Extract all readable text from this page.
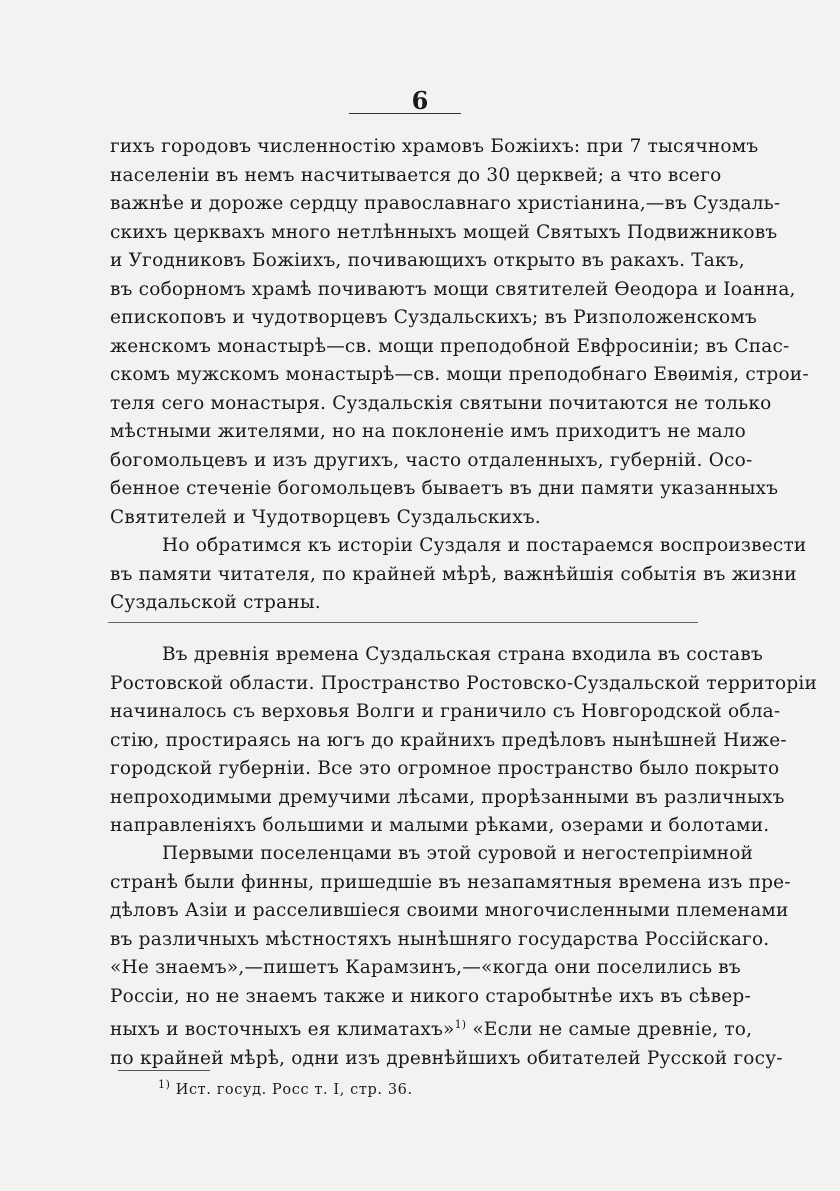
6
гихъ городовъ численностію храмовъ Божіихъ: при 7 тысячномъ
населеніи въ немъ насчитывается до 30 церквей; а что всего
важнѣе и дороже сердцу православнаго христіанина,—въ Суздаль-
скихъ церквахъ много нетлѣнныхъ мощей Святыхъ Подвижниковъ
и Угодниковъ Божіихъ, почивающихъ открыто въ ракахъ. Такъ,
въ соборномъ храмѣ почиваютъ мощи святителей Ѳеодора и Іоанна,
епископовъ и чудотворцевъ Суздальскихъ; въ Ризположенскомъ
женскомъ монастырѣ—св. мощи преподобной Евфросиніи; въ Спас-
скомъ мужскомъ монастырѣ—св. мощи преподобнаго Евѳимія, строи-
теля сего монастыря. Суздальскія святыни почитаются не только
мѣстными жителями, но на поклоненіе имъ приходитъ не мало
богомольцевъ и изъ другихъ, часто отдаленныхъ, губерній. Осо-
бенное стеченіе богомольцевъ бываетъ въ дни памяти указанныхъ
Святителей и Чудотворцевъ Суздальскихъ.
Но обратимся къ исторіи Суздаля и постараемся воспроизвести
въ памяти читателя, по крайней мѣрѣ, важнѣйшія событія въ жизни
Суздальской страны.
Въ древнія времена Суздальская страна входила въ составъ
Ростовской области. Пространство Ростовско-Суздальской территоріи
начиналось съ верховья Волги и граничило съ Новгородской обла-
стію, простираясь на югъ до крайнихъ предѣловъ нынѣшней Ниже-
городской губерніи. Все это огромное пространство было покрыто
непроходимыми дремучими лѣсами, прорѣзанными въ различныхъ
направленіяхъ большими и малыми рѣками, озерами и болотами.
Первыми поселенцами въ этой суровой и негостепріимной
странѣ были финны, пришедшіе въ незапамятныя времена изъ пре-
дѣловъ Азіи и расселившіеся своими многочисленными племенами
въ различныхъ мѣстностяхъ нынѣшняго государства Россійскаго.
«Не знаемъ»,—пишетъ Карамзинъ,—«когда они поселились въ
Россіи, но не знаемъ также и никого старобытнѣе ихъ въ сѣвер-
ныхъ и восточныхъ ея климатахъ»$^{1)}$ «Если не самые древніе, то,
по крайней мѣрѣ, одни изъ древнѣйшихъ обитателей Русской госу-
$^{1)}$ Ист. госуд. Росс т. I, стр. 36.
